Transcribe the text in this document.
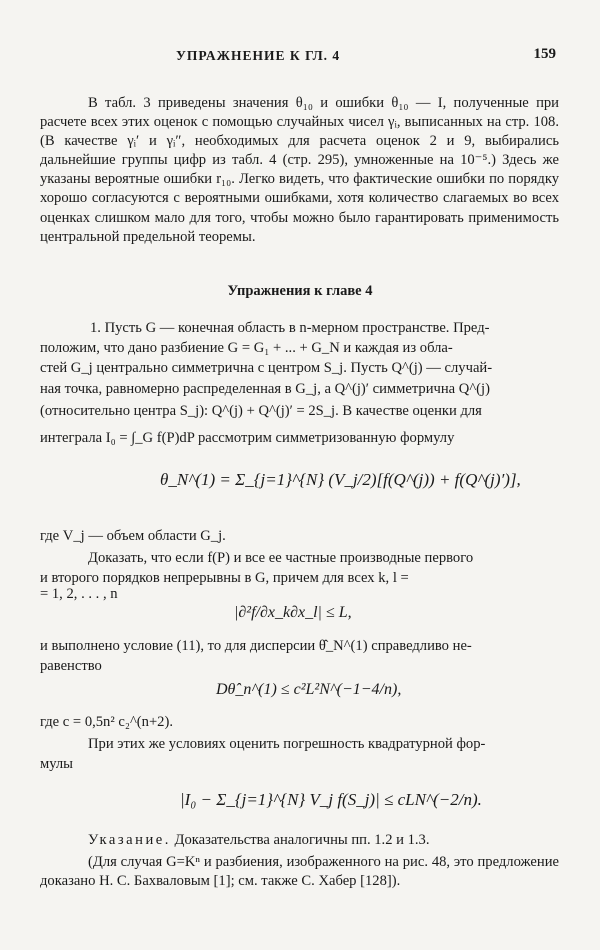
УПРАЖНЕНИЕ К ГЛ. 4	159
В табл. 3 приведены значения θ₁₀ и ошибки θ₁₀ — I, полученные при расчете всех этих оценок с помощью случайных чисел γᵢ, выписанных на стр. 108. (В качестве γᵢ′ и γᵢ″, необходимых для расчета оценок 2 и 9, выбирались дальнейшие группы цифр из табл. 4 (стр. 295), умноженные на 10⁻⁵.) Здесь же указаны вероятные ошибки r₁₀. Легко видеть, что фактические ошибки по порядку хорошо согласуются с вероятными ошибками, хотя количество слагаемых во всех оценках слишком мало для того, чтобы можно было гарантировать применимость центральной предельной теоремы.
Упражнения к главе 4
1. Пусть G — конечная область в n-мерном пространстве. Пред-
положим, что дано разбиение G = G₁ + ... + G_N и каждая из обла-
стей G_j центрально симметрична с центром S_j. Пусть Q^(j) — случай-
ная точка, равномерно распределенная в G_j, а Q^(j)′ симметрична Q^(j)
(относительно центра S_j): Q^(j) + Q^(j)′ = 2S_j. В качестве оценки для
интеграла I₀ = ∫_G f(P)dP рассмотрим симметризованную формулу
θ_N^(1) = Σ_{j=1}^{N} (V_j/2)[f(Q^(j)) + f(Q^(j)′)],
где V_j — объем области G_j.
Доказать, что если f(P) и все ее частные производные первого
и второго порядков непрерывны в G, причем для всех k, l =
= 1, 2, . . . , n
|∂²f/∂x_k∂x_l| ≤ L,
и выполнено условие (11), то для дисперсии θ̂_N^(1) справедливо не-
равенство
Dθ̂_n^(1) ≤ c²L²N^(−1−4/n),
где c = 0,5n² c₂^(n+2).
При этих же условиях оценить погрешность квадратурной фор-
мулы
|I₀ − Σ_{j=1}^{N} V_j f(S_j)| ≤ cLN^(−2/n).
Указание. Доказательства аналогичны пп. 1.2 и 1.3.
(Для случая G=Kⁿ и разбиения, изображенного на рис. 48, это предложение доказано Н. С. Бахваловым [1]; см. также С. Хабер [128]).
